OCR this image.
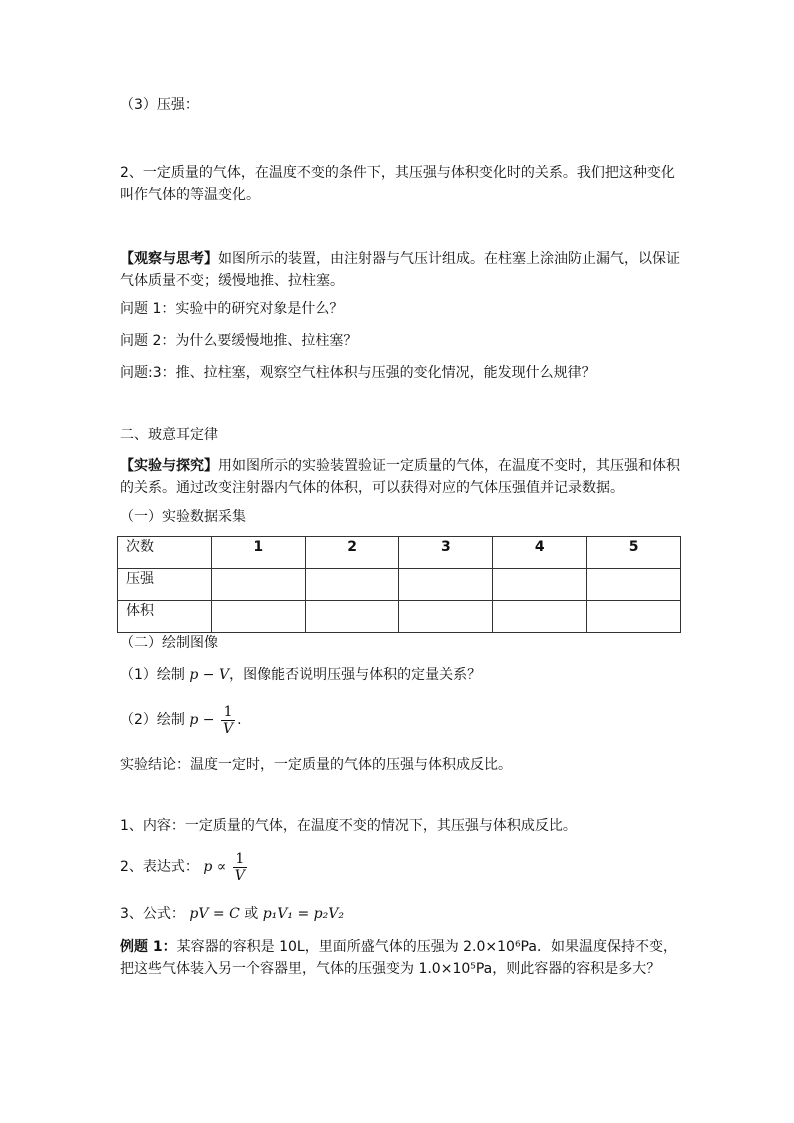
（3）压强：
2、一定质量的气体，在温度不变的条件下，其压强与体积变化时的关系。我们把这种变化叫作气体的等温变化。
【观察与思考】如图所示的装置，由注射器与气压计组成。在柱塞上涂油防止漏气，以保证气体质量不变；缓慢地推、拉柱塞。
问题 1：实验中的研究对象是什么？
问题 2：为什么要缓慢地推、拉柱塞？
问题:3：推、拉柱塞，观察空气柱体积与压强的变化情况，能发现什么规律？
二、玻意耳定律
【实验与探究】用如图所示的实验装置验证一定质量的气体，在温度不变时，其压强和体积的关系。通过改变注射器内气体的体积，可以获得对应的气体压强值并记录数据。
（一）实验数据采集
次数	1	2	3	4	5
压强					
体积					
（二）绘制图像
（1）绘制 p − V，图像能否说明压强与体积的定量关系？
（2）绘制 $p - \frac{1}{V}$ .
实验结论：温度一定时，一定质量的气体的压强与体积成反比。
1、内容：一定质量的气体，在温度不变的情况下，其压强与体积成反比。
2、表达式： $p \propto \frac{1}{V}$
3、公式： pV = C 或 p₁V₁ = p₂V₂
例题 1：某容器的容积是 10L，里面所盛气体的压强为 2.0×10⁶Pa．如果温度保持不变，把这些气体装入另一个容器里，气体的压强变为 1.0×10⁵Pa，则此容器的容积是多大？
